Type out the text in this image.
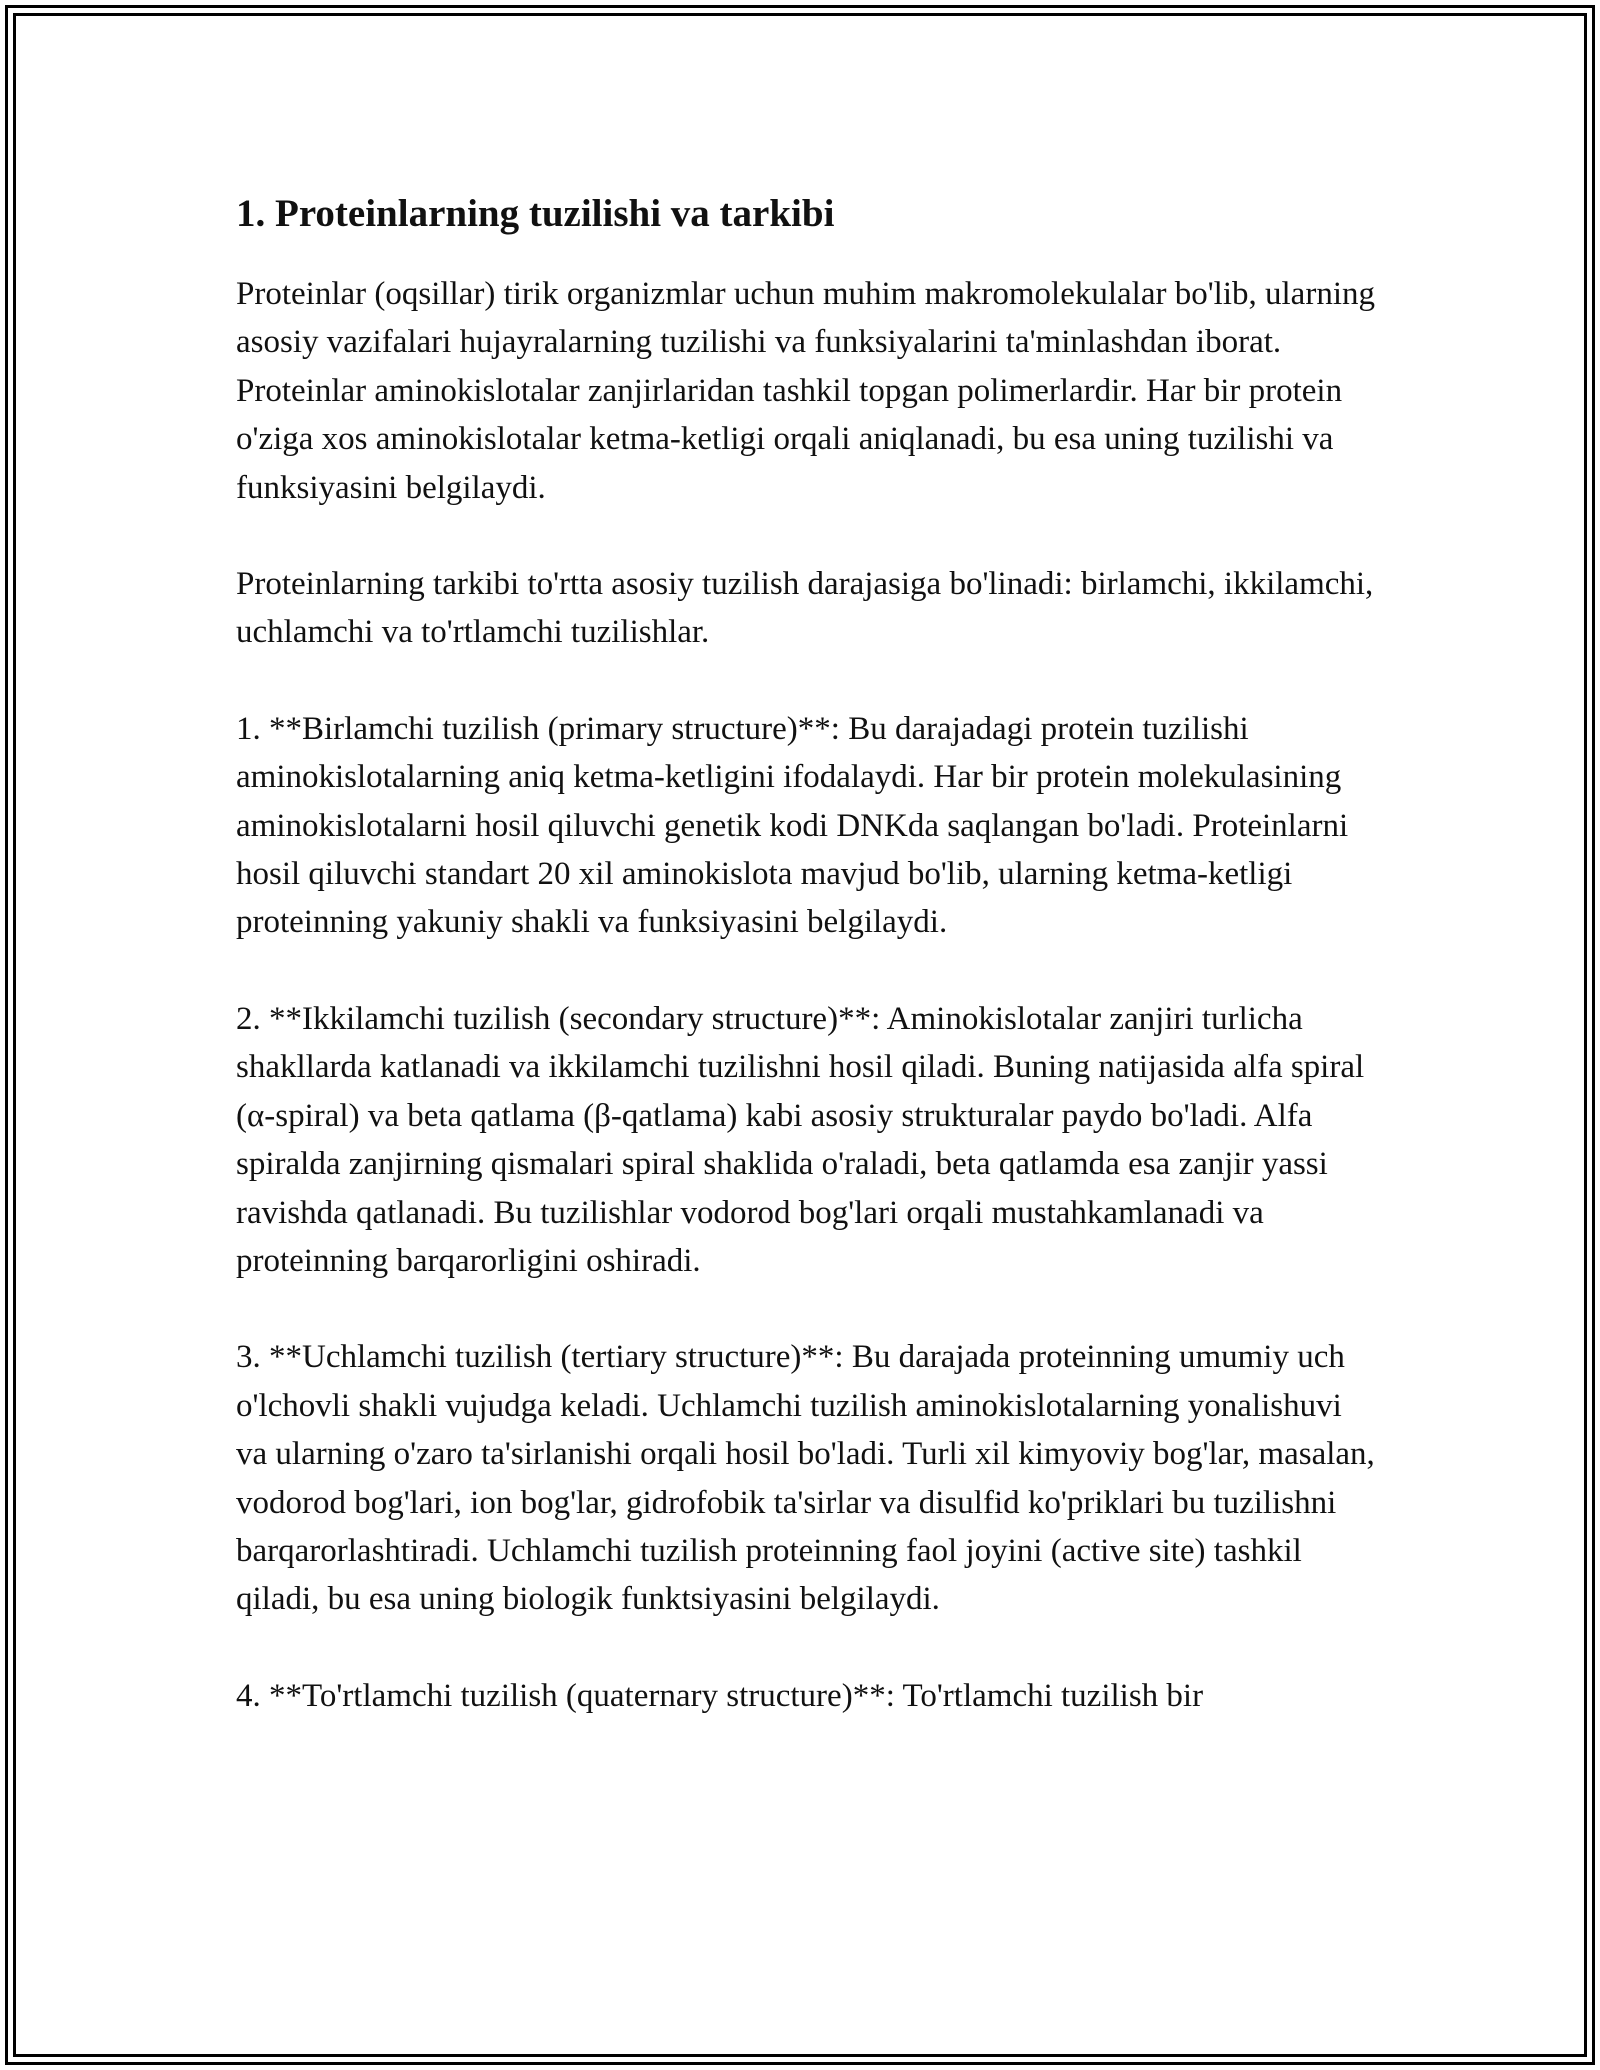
1. Proteinlarning tuzilishi va tarkibi

Proteinlar (oqsillar) tirik organizmlar uchun muhim makromolekulalar bo'lib, ularning asosiy vazifalari hujayralarning tuzilishi va funksiyalarini ta'minlashdan iborat. Proteinlar aminokislotalar zanjirlaridan tashkil topgan polimerlardir. Har bir protein o'ziga xos aminokislotalar ketma-ketligi orqali aniqlanadi, bu esa uning tuzilishi va funksiyasini belgilaydi.

Proteinlarning tarkibi to'rtta asosiy tuzilish darajasiga bo'linadi: birlamchi, ikkilamchi, uchlamchi va to'rtlamchi tuzilishlar.

1. **Birlamchi tuzilish (primary structure)**: Bu darajadagi protein tuzilishi aminokislotalarning aniq ketma-ketligini ifodalaydi. Har bir protein molekulasining aminokislotalarni hosil qiluvchi genetik kodi DNKda saqlangan bo'ladi. Proteinlarni hosil qiluvchi standart 20 xil aminokislota mavjud bo'lib, ularning ketma-ketligi proteinning yakuniy shakli va funksiyasini belgilaydi.

2. **Ikkilamchi tuzilish (secondary structure)**: Aminokislotalar zanjiri turlicha shakllarda katlanadi va ikkilamchi tuzilishni hosil qiladi. Buning natijasida alfa spiral (α-spiral) va beta qatlama (β-qatlama) kabi asosiy strukturalar paydo bo'ladi. Alfa spiralda zanjirning qismalari spiral shaklida o'raladi, beta qatlamda esa zanjir yassi ravishda qatlanadi. Bu tuzilishlar vodorod bog'lari orqali mustahkamlanadi va proteinning barqarorligini oshiradi.

3. **Uchlamchi tuzilish (tertiary structure)**: Bu darajada proteinning umumiy uch o'lchovli shakli vujudga keladi. Uchlamchi tuzilish aminokislotalarning yonalishuvi va ularning o'zaro ta'sirlanishi orqali hosil bo'ladi. Turli xil kimyoviy bog'lar, masalan, vodorod bog'lari, ion bog'lar, gidrofobik ta'sirlar va disulfid ko'priklari bu tuzilishni barqarorlashtiradi. Uchlamchi tuzilish proteinning faol joyini (active site) tashkil qiladi, bu esa uning biologik funktsiyasini belgilaydi.

4. **To'rtlamchi tuzilish (quaternary structure)**: To'rtlamchi tuzilish bir
